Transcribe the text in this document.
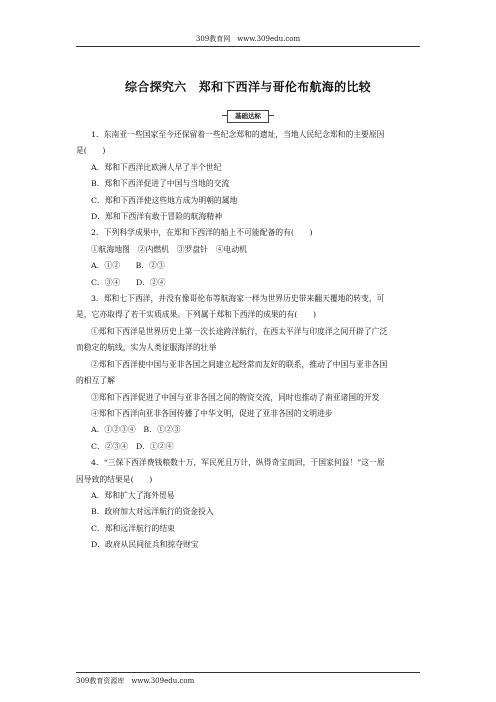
309教育网　www.309edu.com
综合探究六　郑和下西洋与哥伦布航海的比较
基础达标
1．东南亚一些国家至今还保留着一些纪念郑和的遗址，当地人民纪念郑和的主要原因
是(　　)
A．郑和下西洋比欧洲人早了半个世纪
B．郑和下西洋促进了中国与当地的交流
C．郑和下西洋使这些地方成为明朝的属地
D．郑和下西洋有敢于冒险的航海精神
2．下列科学成果中，在郑和下西洋的船上不可能配备的有(　　)
①航海地图　②内燃机　③罗盘针　④电动机
A．①②　　B．②③
C．③④　　D．②④
3．郑和七下西洋，并没有像哥伦布等航海家一样为世界历史带来翻天覆地的转变，可
是，它亦取得了若干实质成果。下列属于郑和下西洋的成果的有(　　)
①郑和下西洋是世界历史上第一次长途跨洋航行，在西太平洋与印度洋之间开辟了广泛
而稳定的航线，实为人类征服海洋的壮举
②郑和下西洋使中国与亚非各国之间建立起经常而友好的联系，推动了中国与亚非各国
的相互了解
③郑和下西洋促进了中国与亚非各国之间的物资交流，同时也推动了南亚诸国的开发
④郑和下西洋向亚非各国传播了中华文明，促进了亚非各国的文明进步
A．①②③④　B．①②③
C．②③④　D．①②④
4．“三保下西洋费钱粮数十万，军民死且万计，纵得奇宝而回，于国家何益！”这一原
因导致的结果是(　　)
A．郑和扩大了海外贸易
B．政府加大对远洋航行的资金投入
C．郑和远洋航行的结束
D．政府从民间征兵和掠夺财宝
309教育资源库　www.309edu.com
